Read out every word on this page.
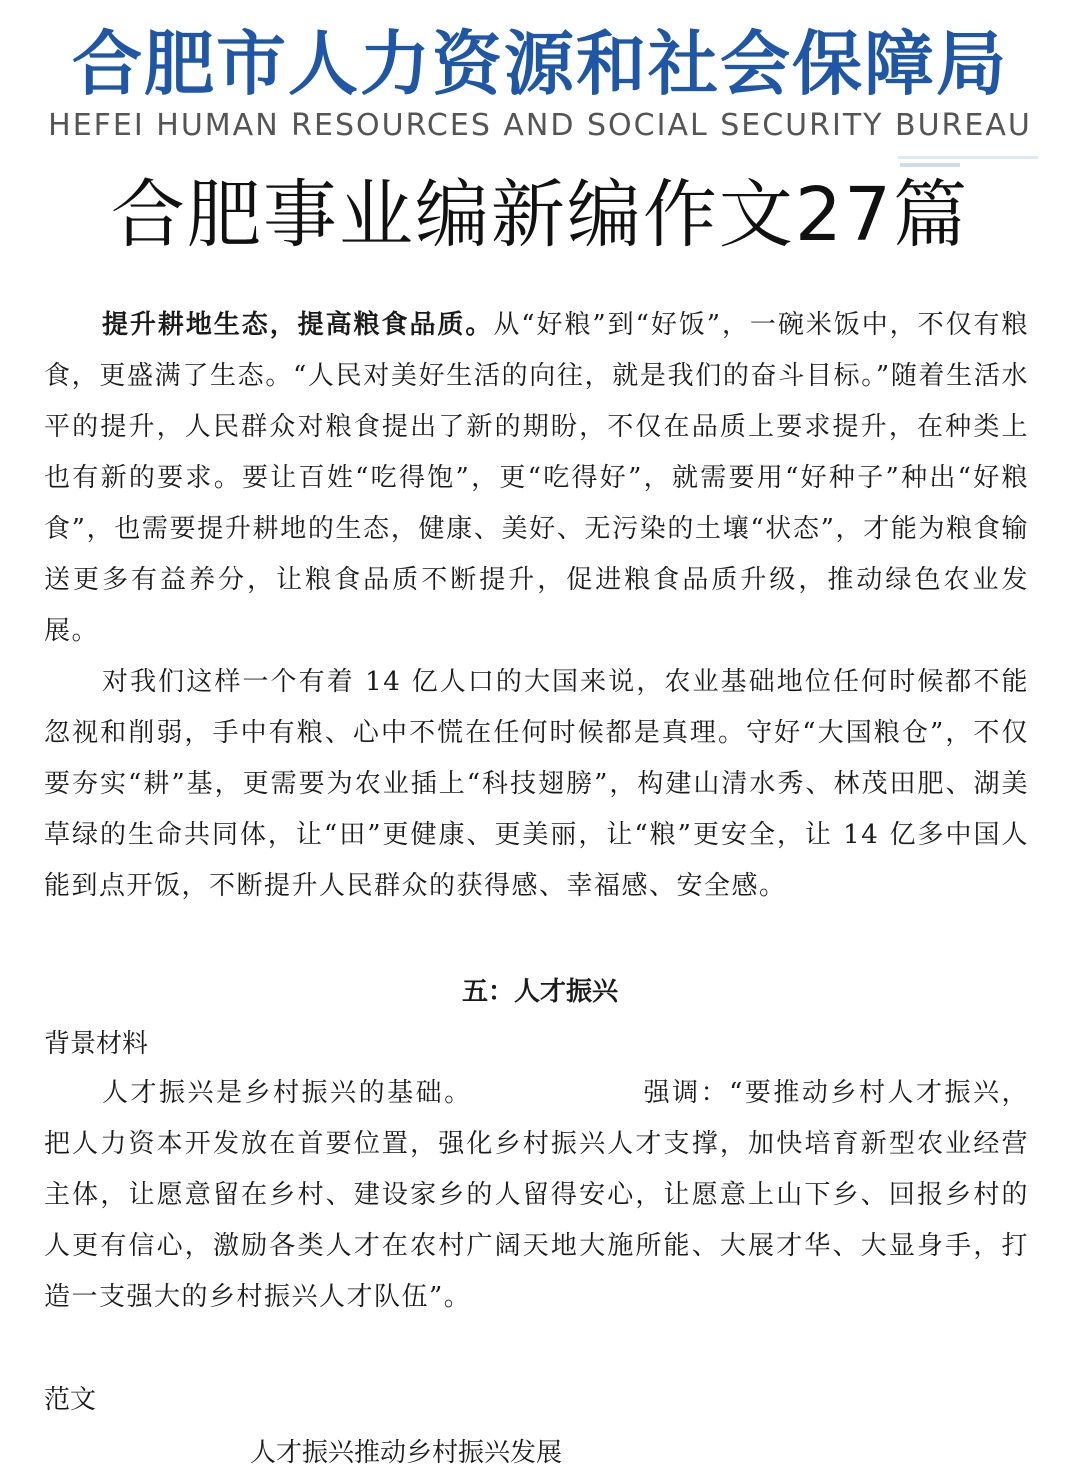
合肥市人力资源和社会保障局
HEFEI HUMAN RESOURCES AND SOCIAL SECURITY BUREAU
合肥事业编新编作文27篇

提升耕地生态，提高粮食品质。从“好粮”到“好饭”，一碗米饭中，不仅有粮食，更盛满了生态。“人民对美好生活的向往，就是我们的奋斗目标。”随着生活水平的提升，人民群众对粮食提出了新的期盼，不仅在品质上要求提升，在种类上也有新的要求。要让百姓“吃得饱”，更“吃得好”，就需要用“好种子”种出“好粮食”，也需要提升耕地的生态，健康、美好、无污染的土壤“状态”，才能为粮食输送更多有益养分，让粮食品质不断提升，促进粮食品质升级，推动绿色农业发展。

对我们这样一个有着 14 亿人口的大国来说，农业基础地位任何时候都不能忽视和削弱，手中有粮、心中不慌在任何时候都是真理。守好“大国粮仓”，不仅要夯实“耕”基，更需要为农业插上“科技翅膀”，构建山清水秀、林茂田肥、湖美草绿的生命共同体，让“田”更健康、更美丽，让“粮”更安全，让 14 亿多中国人能到点开饭，不断提升人民群众的获得感、幸福感、安全感。

五：人才振兴
背景材料

人才振兴是乡村振兴的基础。	强调：“要推动乡村人才振兴，把人力资本开发放在首要位置，强化乡村振兴人才支撑，加快培育新型农业经营主体，让愿意留在乡村、建设家乡的人留得安心，让愿意上山下乡、回报乡村的人更有信心，激励各类人才在农村广阔天地大施所能、大展才华、大显身手，打造一支强大的乡村振兴人才队伍”。

范文
人才振兴推动乡村振兴发展
